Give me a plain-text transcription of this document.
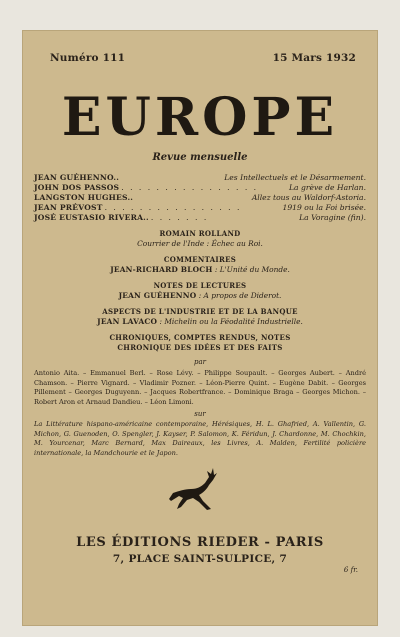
Numéro 111	15 Mars 1932
EUROPE
Revue mensuelle
JEAN GUÉHENNO..	Les Intellectuels et le Désarmement.
JOHN DOS PASSOS . . . . . . . . . . . . . . . .	La grève de Harlan.
LANGSTON HUGHES..	Allez tous au Waldorf-Astoria.
JEAN PRÉVOST . . . . . . . . . . . . . . . .	1919 ou la Foi brisée.
JOSÉ EUSTASIO RIVERA.. . . . . . . .	La Voragine (fin).
ROMAIN ROLLAND
Courrier de l'Inde : Échec au Roi.
COMMENTAIRES
JEAN-RICHARD BLOCH : L'Unité du Monde.
NOTES DE LECTURES
JEAN GUÉHENNO : A propos de Diderot.
ASPECTS DE L'INDUSTRIE ET DE LA BANQUE
JEAN LAVACO : Michelin ou la Féodalité Industrielle.
CHRONIQUES, COMPTES RENDUS, NOTES
CHRONIQUE DES IDÉES ET DES FAITS
par
Antonio Aita. – Emmanuel Berl. – Rose Lévy. – Philippe Soupault. – Georges Aubert. – André Chamson. – Pierre Vignard. – Vladimir Pozner. – Léon-Pierre Quint. – Eugène Dabit. – Georges Pillement – Georges Duguyenn. – Jacques Robertfrance. – Dominique Braga – Georges Michon. – Robert Aron et Arnaud Dandieu. – Léon Limoni.
sur
La Littérature hispano-américaine contemporaine, Hérésiques, H. L. Ghafried, A. Vallentin, G. Michon, G. Guenoden, O. Spengler, J. Kayser, P. Salomon, K. Féridun, J. Chardonne, M. Chochkin, M. Yourcenar, Marc Bernard, Max Daireaux, les Livres, A. Malden, Fertilité policière internationale, la Mandchourie et le Japon.
LES ÉDITIONS RIEDER - PARIS
7, PLACE SAINT-SULPICE, 7
6 fr.
